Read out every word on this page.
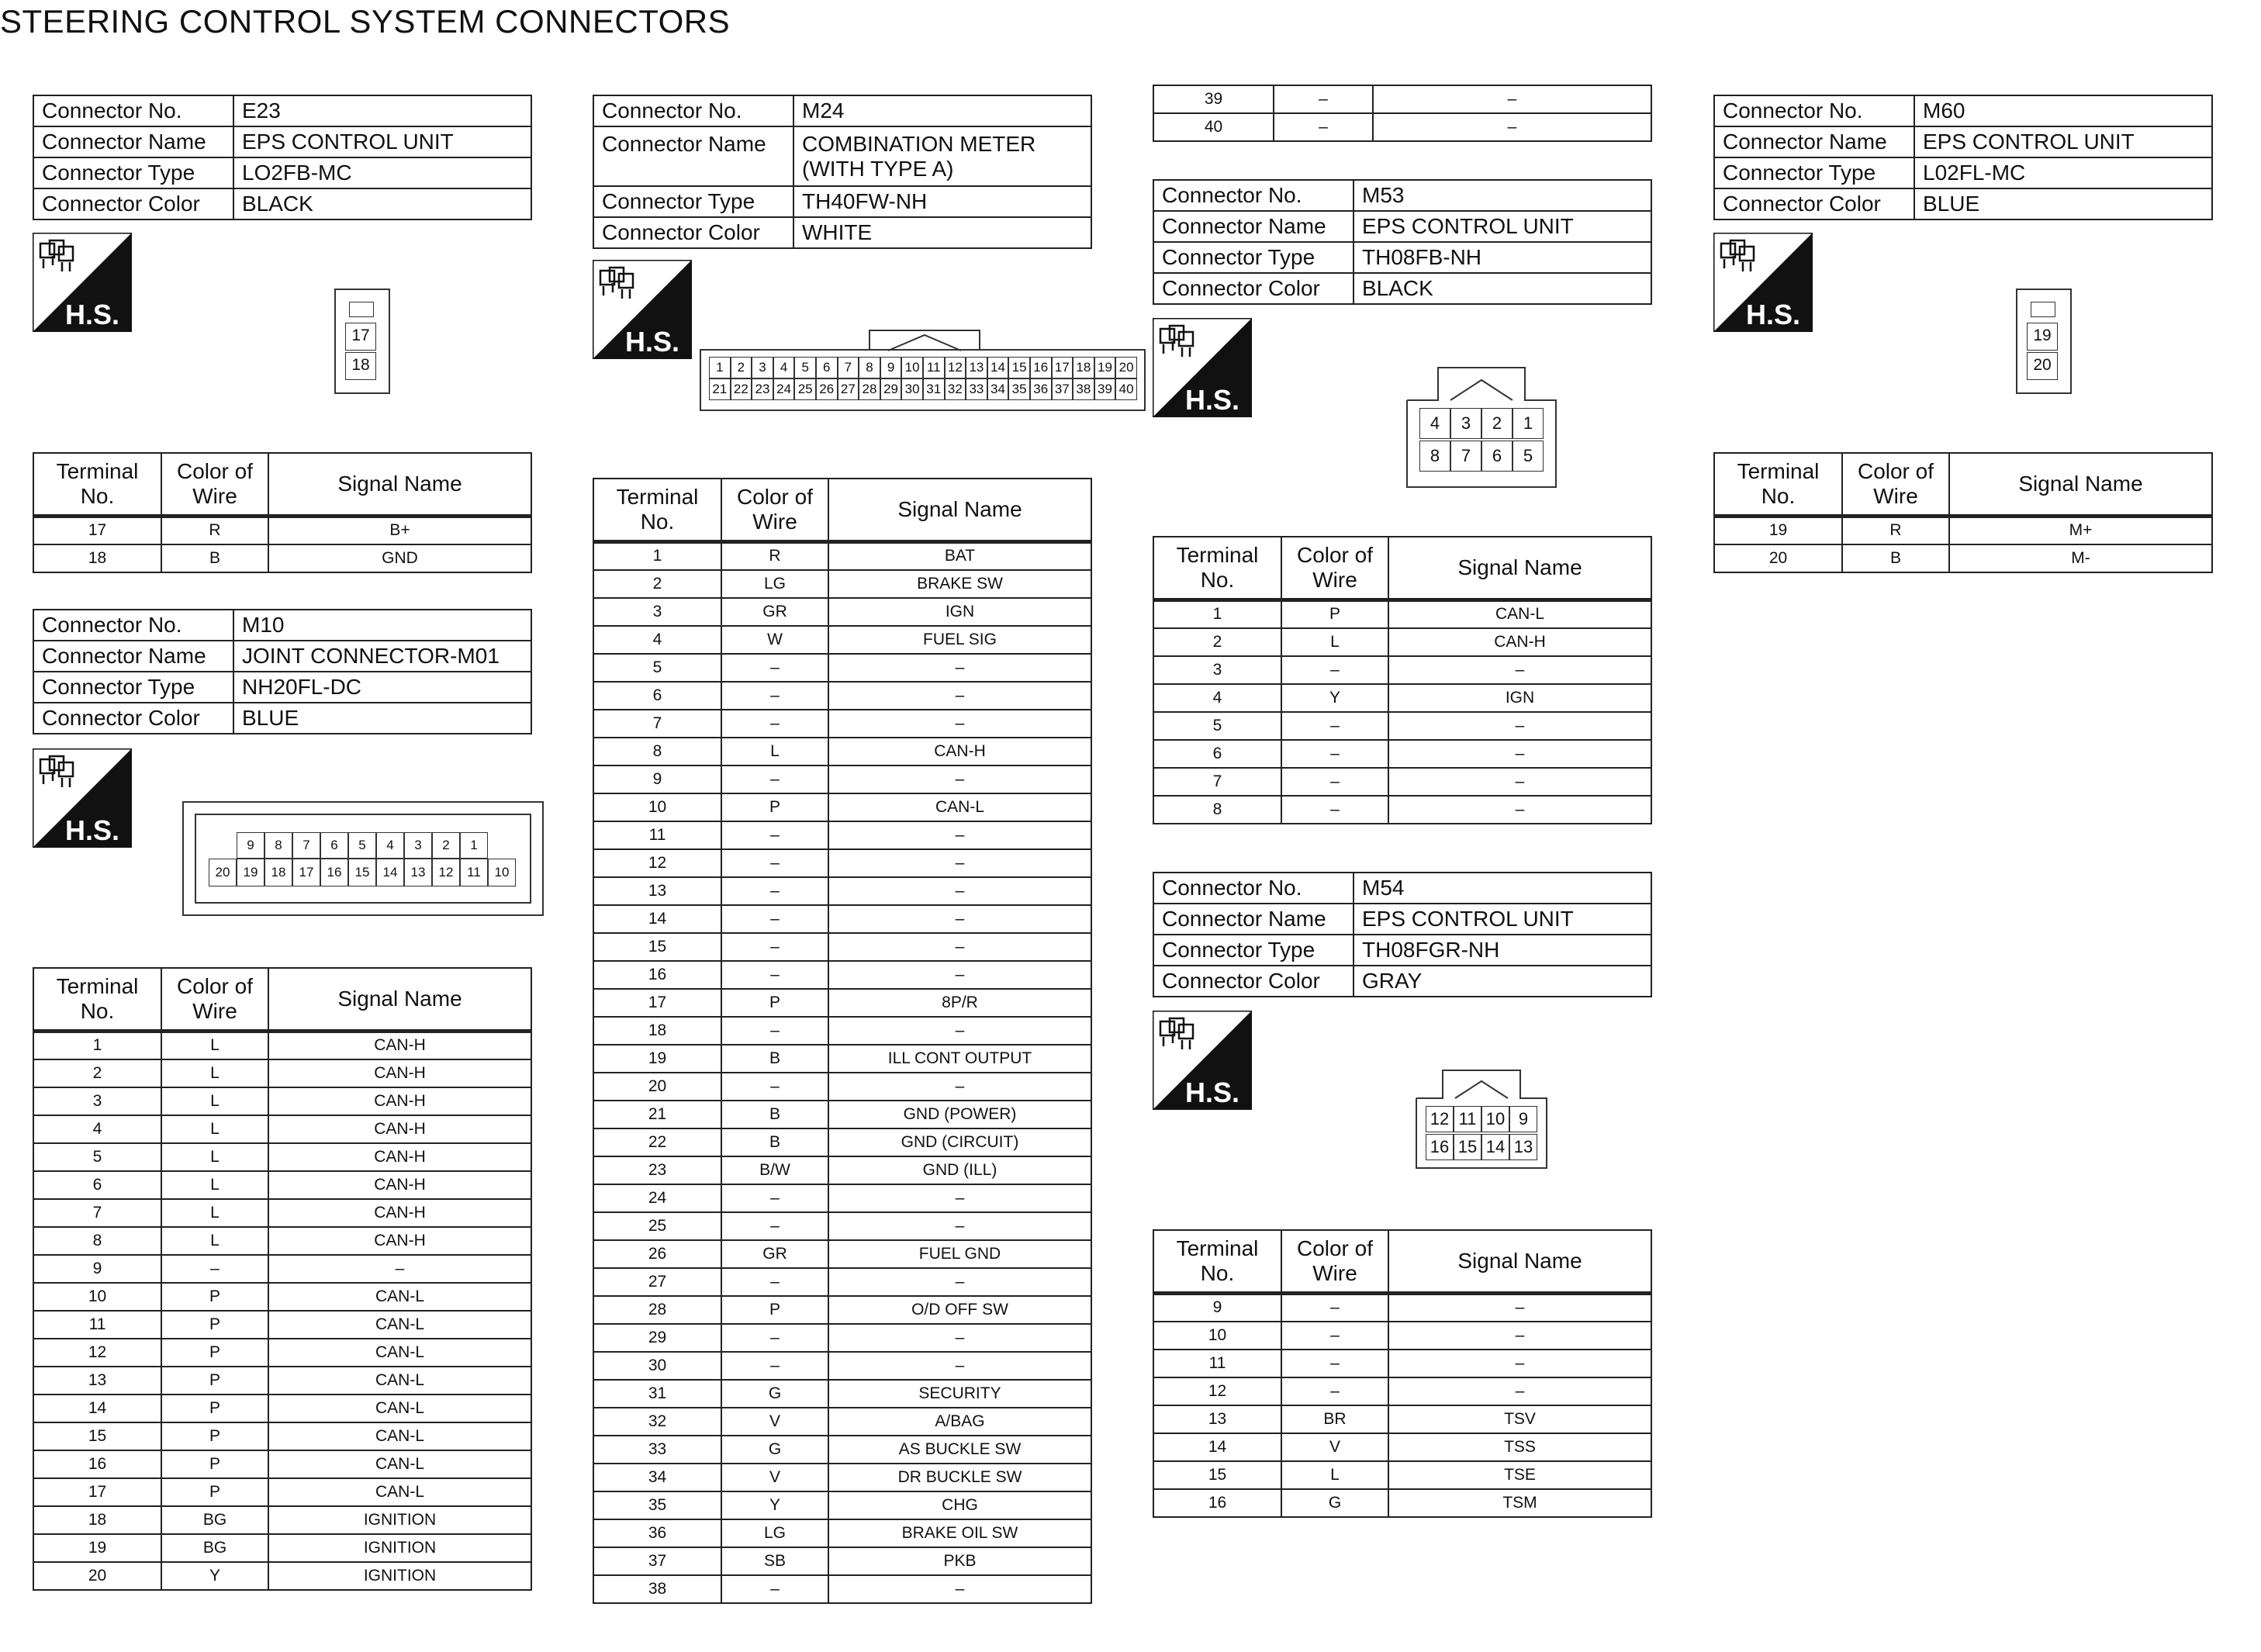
STEERING CONTROL SYSTEM CONNECTORS
Connector No.	E23
Connector Name	EPS CONTROL UNIT
Connector Type	LO2FB-MC
Connector Color	BLACK
H.S.
17
18
Terminal No.	Color of Wire	Signal Name
17	R	B+
18	B	GND
Connector No.	M10
Connector Name	JOINT CONNECTOR-M01
Connector Type	NH20FL-DC
Connector Color	BLUE
H.S.	9	8	7	6	5	4	3	2	1
20	19	18	17	16	15	14	13	12	11	10
Terminal No.	Color of Wire	Signal Name
1	L	CAN-H
2	L	CAN-H
3	L	CAN-H
4	L	CAN-H
5	L	CAN-H
6	L	CAN-H
7	L	CAN-H
8	L	CAN-H
9	–	–
10	P	CAN-L
11	P	CAN-L
12	P	CAN-L
13	P	CAN-L
14	P	CAN-L
15	P	CAN-L
16	P	CAN-L
17	P	CAN-L
18	BG	IGNITION
19	BG	IGNITION
20	Y	IGNITION
Connector No.	M24
Connector Name	COMBINATION METER
(WITH TYPE A)
Connector Type	TH40FW-NH
Connector Color	WHITE
H.S.
1	2	3	4	5	6	7	8	9 10 11 12 13 14 15 16 17 18 19 20
21 22 23 24 25 26 27 28 29 30 31 32 33 34 35 36 37 38 39 40
Terminal No.	Color of Wire	Signal Name
1	R	BAT
2	LG	BRAKE SW
3	GR	IGN
4	W	FUEL SIG
5	–	–
6	–	–
7	–	–
8	L	CAN-H
9	–	–
10	P	CAN-L
11	–	–
12	–	–
13	–	–
14	–	–
15	–	–
16	–	–
17	P	8P/R
18	–	–
19	B	ILL CONT OUTPUT
20	–	–
21	B	GND (POWER)
22	B	GND (CIRCUIT)
23	B/W	GND (ILL)
24	–	–
25	–	–
26	GR	FUEL GND
27	–	–
28	P	O/D OFF SW
29	–	–
30	–	–
31	G	SECURITY
32	V	A/BAG
33	G	AS BUCKLE SW
34	V	DR BUCKLE SW
35	Y	CHG
36	LG	BRAKE OIL SW
37	SB	PKB
38	–	–
39	–	–
40	–	–
Connector No.	M53
Connector Name	EPS CONTROL UNIT
Connector Type	TH08FB-NH
Connector Color	BLACK
H.S.
4	3	2	1
8	7	6	5
Terminal No.	Color of Wire	Signal Name
1	P	CAN-L
2	L	CAN-H
3	–	–
4	Y	IGN
5	–	–
6	–	–
7	–	–
8	–	–
Connector No.	M54
Connector Name	EPS CONTROL UNIT
Connector Type	TH08FGR-NH
Connector Color	GRAY
H.S.
12 11 10 9
16 15 14 13
Terminal No.	Color of Wire	Signal Name
9	–	–
10	–	–
11	–	–
12	–	–
13	BR	TSV
14	V	TSS
15	L	TSE
16	G	TSM
Connector No.	M60
Connector Name	EPS CONTROL UNIT
Connector Type	L02FL-MC
Connector Color	BLUE
H.S.
19
20
Terminal No.	Color of Wire	Signal Name
19	R	M+
20	B	M-
